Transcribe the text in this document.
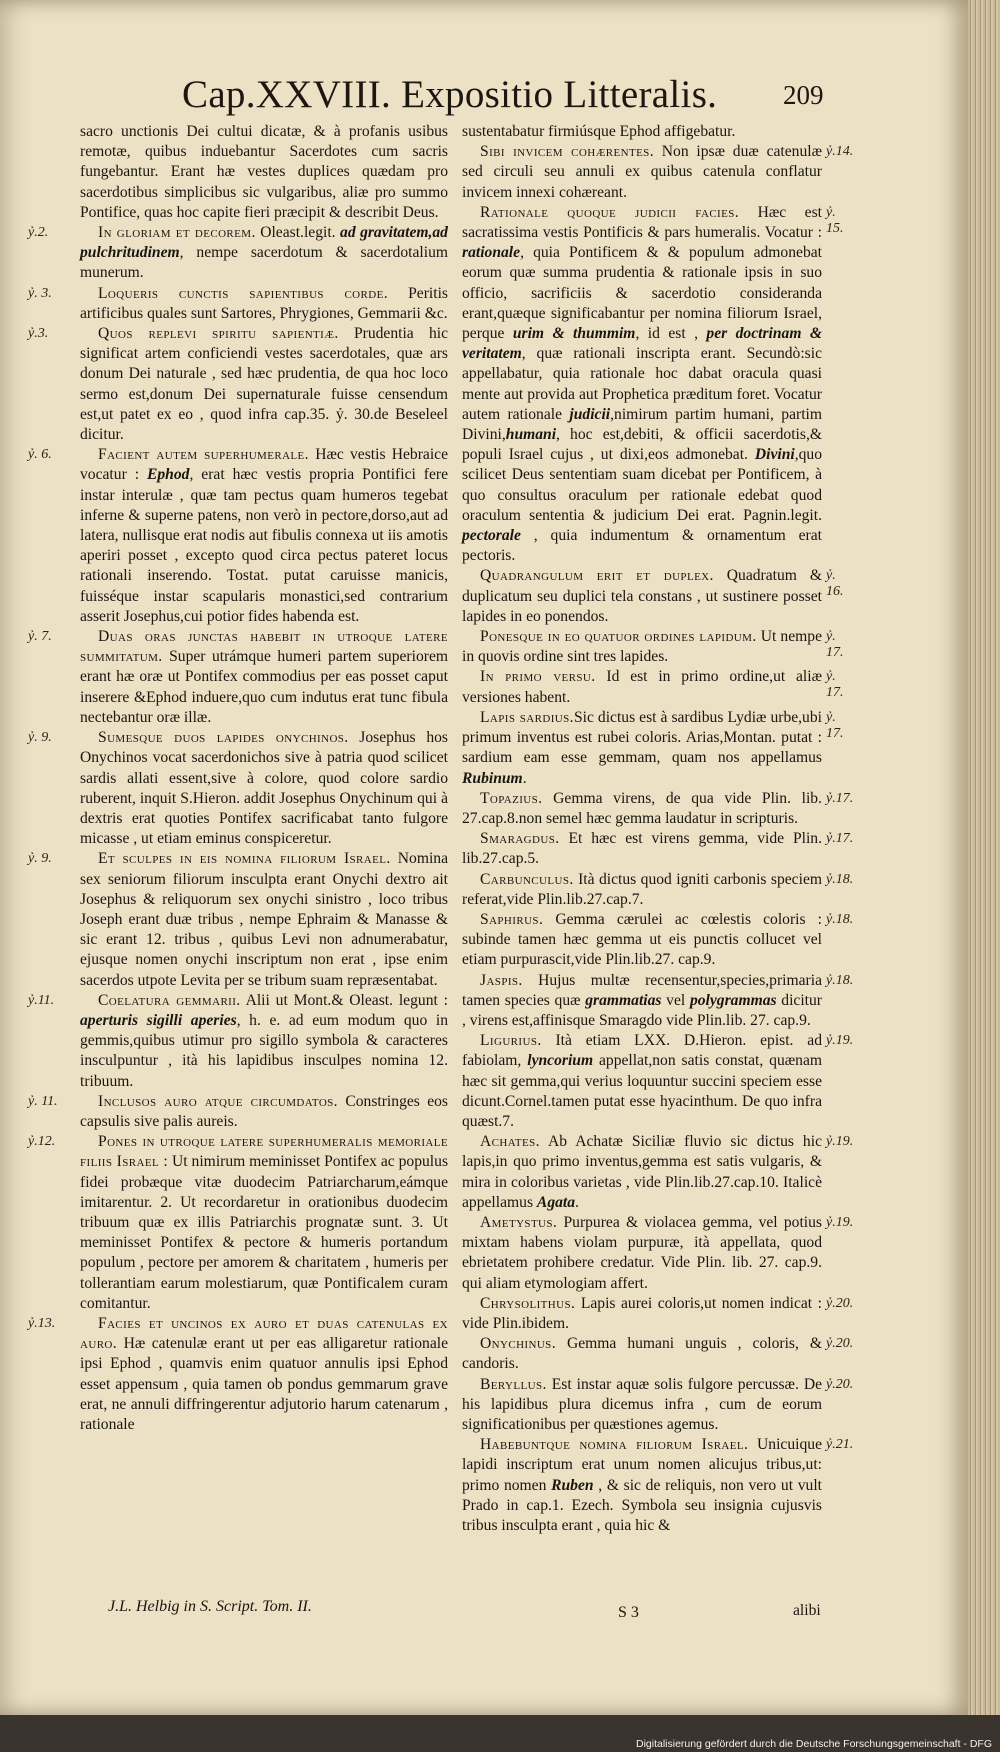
Cap.XXVIII. Expositio Litteralis. 209

sacro unctionis Dei cultui dicatæ, & à profanis usibus remotæ, quibus induebantur Sacerdotes cum sacris fungebantur. Erant hæ vestes duplices quædam pro sacerdotibus simplicibus sic vulgaribus, aliæ pro summo Pontifice, quas hoc capite fieri præcipit & describit Deus.

In gloriam et decorem. Oleast.legit. ad gravitatem,ad pulchritudinem, nempe sacerdotum & sacerdotalium munerum.

ỷ.2.

Loqueris cunctis sapientibus corde. Peritis artificibus quales sunt Sartores, Phrygiones, Gemmarii &c.

ỷ. 3.

Quos replevi spiritu sapientiæ. Prudentia hic significat artem conficiendi vestes sacerdotales, quæ ars donum Dei naturale , sed hæc prudentia, de qua hoc loco sermo est,donum Dei supernaturale fuisse censendum est,ut patet ex eo , quod infra cap.35. ỷ. 30.de Beseleel dicitur.

ỷ.3.

Facient autem superhumerale. Hæc vestis Hebraice vocatur : Ephod, erat hæc vestis propria Pontifici fere instar interulæ , quæ tam pectus quam humeros tegebat inferne & superne patens, non verò in pectore,dorso,aut ad latera, nullisque erat nodis aut fibulis connexa ut iis amotis aperiri posset , excepto quod circa pectus pateret locus rationali inserendo. Tostat. putat caruisse manicis, fuisséque instar scapularis monastici,sed contrarium asserit Josephus,cui potior fides habenda est.

ỷ. 6.

Duas oras junctas habebit in utroque latere summitatum. Super utrámque humeri partem superiorem erant hæ oræ ut Pontifex commodius per eas posset caput inserere &Ephod induere,quo cum indutus erat tunc fibula nectebantur oræ illæ.

ỷ. 7.

Sumesque duos lapides onychinos. Josephus hos Onychinos vocat sacerdonichos sive à patria quod scilicet sardis allati essent,sive à colore, quod colore sardio ruberent, inquit S.Hieron. addit Josephus Onychinum qui à dextris erat quoties Pontifex sacrificabat tanto fulgore micasse , ut etiam eminus conspiceretur.

ỷ. 9.

Et sculpes in eis nomina filiorum Israel. Nomina sex seniorum filiorum insculpta erant Onychi dextro ait Josephus & reliquorum sex onychi sinistro , loco tribus Joseph erant duæ tribus , nempe Ephraim & Manasse & sic erant 12. tribus , quibus Levi non adnumerabatur, ejusque nomen onychi inscriptum non erat , ipse enim sacerdos utpote Levita per se tribum suam repræsentabat.

ỷ. 9.

Coelatura gemmarii. Alii ut Mont.& Oleast. legunt : aperturis sigilli aperies, h. e. ad eum modum quo in gemmis,quibus utimur pro sigillo symbola & caracteres insculpuntur , ità his lapidibus insculpes nomina 12. tribuum.

ỷ.11.

Inclusos auro atque circumdatos. Constringes eos capsulis sive palis aureis.

ỷ. 11.

Pones in utroque latere superhumeralis memoriale filiis Israel : Ut nimirum meminisset Pontifex ac populus fidei probæque vitæ duodecim Patriarcharum,eámque imitarentur. 2. Ut recordaretur in orationibus duodecim tribuum quæ ex illis Patriarchis prognatæ sunt. 3. Ut meminisset Pontifex & pectore & humeris portandum populum , pectore per amorem & charitatem , humeris per tollerantiam earum molestiarum, quæ Pontificalem curam comitantur.

ỷ.12.

Facies et uncinos ex auro et duas catenulas ex auro. Hæ catenulæ erant ut per eas alligaretur rationale ipsi Ephod , quamvis enim quatuor annulis ipsi Ephod esset appensum , quia tamen ob pondus gemmarum grave erat, ne annuli diffringerentur adjutorio harum catenarum , rationale

ỷ.13.

sustentabatur firmiúsque Ephod affigebatur.

Sibi invicem cohærentes. Non ipsæ duæ catenulæ sed circuli seu annuli ex quibus catenula conflatur invicem innexi cohæreant.

ỷ.14.

Rationale quoque judicii facies. Hæc est sacratissima vestis Pontificis & pars humeralis. Vocatur : rationale, quia Pontificem & & populum admonebat eorum quæ summa prudentia & rationale ipsis in suo officio, sacrificiis & sacerdotio consideranda erant,quæque significabantur per nomina filiorum Israel, perque urim & thummim, id est , per doctrinam & veritatem, quæ rationali inscripta erant. Secundò:sic appellabatur, quia rationale hoc dabat oracula quasi mente aut provida aut Prophetica præditum foret. Vocatur autem rationale judicii,nimirum partim humani, partim Divini,humani, hoc est,debiti, & officii sacerdotis,& populi Israel cujus , ut dixi,eos admonebat. Divini,quo scilicet Deus sententiam suam dicebat per Pontificem, à quo consultus oraculum per rationale edebat quod oraculum sententia & judicium Dei erat. Pagnin.legit. pectorale , quia indumentum & ornamentum erat pectoris.

ỷ. 15.

Quadrangulum erit et duplex. Quadratum & duplicatum seu duplici tela constans , ut sustinere posset lapides in eo ponendos.

ỷ. 16.

Ponesque in eo quatuor ordines lapidum. Ut nempe in quovis ordine sint tres lapides.

ỷ. 17.

In primo versu. Id est in primo ordine,ut aliæ versiones habent.

ỷ. 17.

Lapis sardius.Sic dictus est à sardibus Lydiæ urbe,ubi primum inventus est rubei coloris. Arias,Montan. putat : sardium eam esse gemmam, quam nos appellamus Rubinum.

ỷ. 17.

Topazius. Gemma virens, de qua vide Plin. lib. 27.cap.8.non semel hæc gemma laudatur in scripturis.

ỷ.17.

Smaragdus. Et hæc est virens gemma, vide Plin. lib.27.cap.5.

ỷ.17.

Carbunculus. Ità dictus quod igniti carbonis speciem referat,vide Plin.lib.27.cap.7.

ỷ.18.

Saphirus. Gemma cærulei ac cœlestis coloris : subinde tamen hæc gemma ut eis punctis collucet vel etiam purpurascit,vide Plin.lib.27. cap.9.

ỷ.18.

Jaspis. Hujus multæ recensentur,species,primaria tamen species quæ grammatias vel polygrammas dicitur , virens est,affinisque Smaragdo vide Plin.lib. 27. cap.9.

ỷ.18.

Ligurius. Ità etiam LXX. D.Hieron. epist. ad fabiolam, lyncorium appellat,non satis constat, quænam hæc sit gemma,qui verius loquuntur succini speciem esse dicunt.Cornel.tamen putat esse hyacinthum. De quo infra quæst.7.

ỷ.19.

Achates. Ab Achatæ Siciliæ fluvio sic dictus hic lapis,in quo primo inventus,gemma est satis vulgaris, & mira in coloribus varietas , vide Plin.lib.27.cap.10. Italicè appellamus Agata.

ỷ.19.

Ametystus. Purpurea & violacea gemma, vel potius mixtam habens violam purpuræ, ità appellata, quod ebrietatem prohibere credatur. Vide Plin. lib. 27. cap.9. qui aliam etymologiam affert.

ỷ.19.

Chrysolithus. Lapis aurei coloris,ut nomen indicat : vide Plin.ibidem.

ỷ.20.

Onychinus. Gemma humani unguis , coloris, & candoris.

ỷ.20.

Beryllus. Est instar aquæ solis fulgore percussæ. De his lapidibus plura dicemus infra , cum de eorum significationibus per quæstiones agemus.

ỷ.20.

Habebuntque nomina filiorum Israel. Unicuique lapidi inscriptum erat unum nomen alicujus tribus,ut: primo nomen Ruben , & sic de reliquis, non vero ut vult Prado in cap.1. Ezech. Symbola seu insignia cujusvis tribus insculpta erant , quia hic &

ỷ.21.
J.L. Helbig in S. Script. Tom. II.	S 3	alibi
Digitalisierung gefördert durch die Deutsche Forschungsgemeinschaft - DFG
